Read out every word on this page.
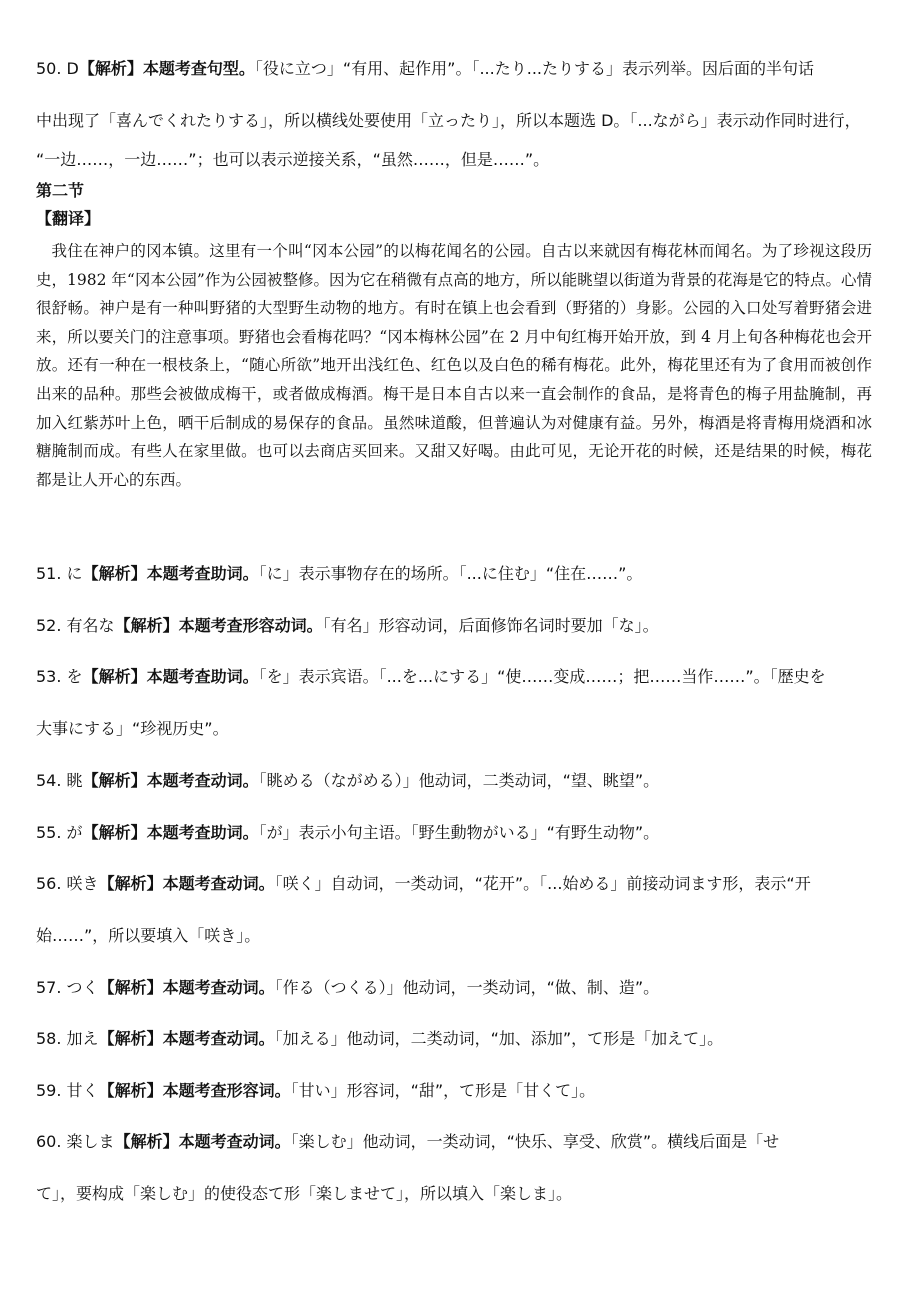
50. D【解析】本题考查句型。「役に立つ」“有用、起作用”。「...たり...たりする」表示列举。因后面的半句话
中出现了「喜んでくれたりする」，所以横线处要使用「立ったり」，所以本题选 D。「...ながら」表示动作同时进行，
“一边……，一边……”；也可以表示逆接关系，“虽然……，但是……”。
第二节
【翻译】

我住在神户的冈本镇。这里有一个叫“冈本公园”的以梅花闻名的公园。自古以来就因有梅花林而闻名。为了珍视这段历史，1982 年“冈本公园”作为公园被整修。因为它在稍微有点高的地方，所以能眺望以街道为背景的花海是它的特点。心情很舒畅。神户是有一种叫野猪的大型野生动物的地方。有时在镇上也会看到（野猪的）身影。公园的入口处写着野猪会进来，所以要关门的注意事项。野猪也会看梅花吗？“冈本梅林公园”在 2 月中旬红梅开始开放，到 4 月上旬各种梅花也会开放。还有一种在一根枝条上，“随心所欲”地开出浅红色、红色以及白色的稀有梅花。此外，梅花里还有为了食用而被创作出来的品种。那些会被做成梅干，或者做成梅酒。梅干是日本自古以来一直会制作的食品，是将青色的梅子用盐腌制，再加入红紫苏叶上色，晒干后制成的易保存的食品。虽然味道酸，但普遍认为对健康有益。另外，梅酒是将青梅用烧酒和冰糖腌制而成。有些人在家里做。也可以去商店买回来。又甜又好喝。由此可见，无论开花的时候，还是结果的时候，梅花都是让人开心的东西。

51. に【解析】本题考查助词。「に」表示事物存在的场所。「...に住む」“住在……”。
52. 有名な【解析】本题考查形容动词。「有名」形容动词，后面修饰名词时要加「な」。
53. を【解析】本题考查助词。「を」表示宾语。「...を...にする」“使……变成……；把……当作……”。「歴史を
大事にする」“珍视历史”。
54. 眺【解析】本题考查动词。「眺める（ながめる）」他动词，二类动词，“望、眺望”。
55. が【解析】本题考查助词。「が」表示小句主语。「野生動物がいる」“有野生动物”。
56. 咲き【解析】本题考查动词。「咲く」自动词，一类动词，“花开”。「...始める」前接动词ます形，表示“开
始……”，所以要填入「咲き」。
57. つく【解析】本题考查动词。「作る（つくる）」他动词，一类动词，“做、制、造”。
58. 加え【解析】本题考查动词。「加える」他动词，二类动词，“加、添加”，て形是「加えて」。
59. 甘く【解析】本题考查形容词。「甘い」形容词，“甜”，て形是「甘くて」。
60. 楽しま【解析】本题考查动词。「楽しむ」他动词，一类动词，“快乐、享受、欣赏”。横线后面是「せ
て」，要构成「楽しむ」的使役态て形「楽しませて」，所以填入「楽しま」。
